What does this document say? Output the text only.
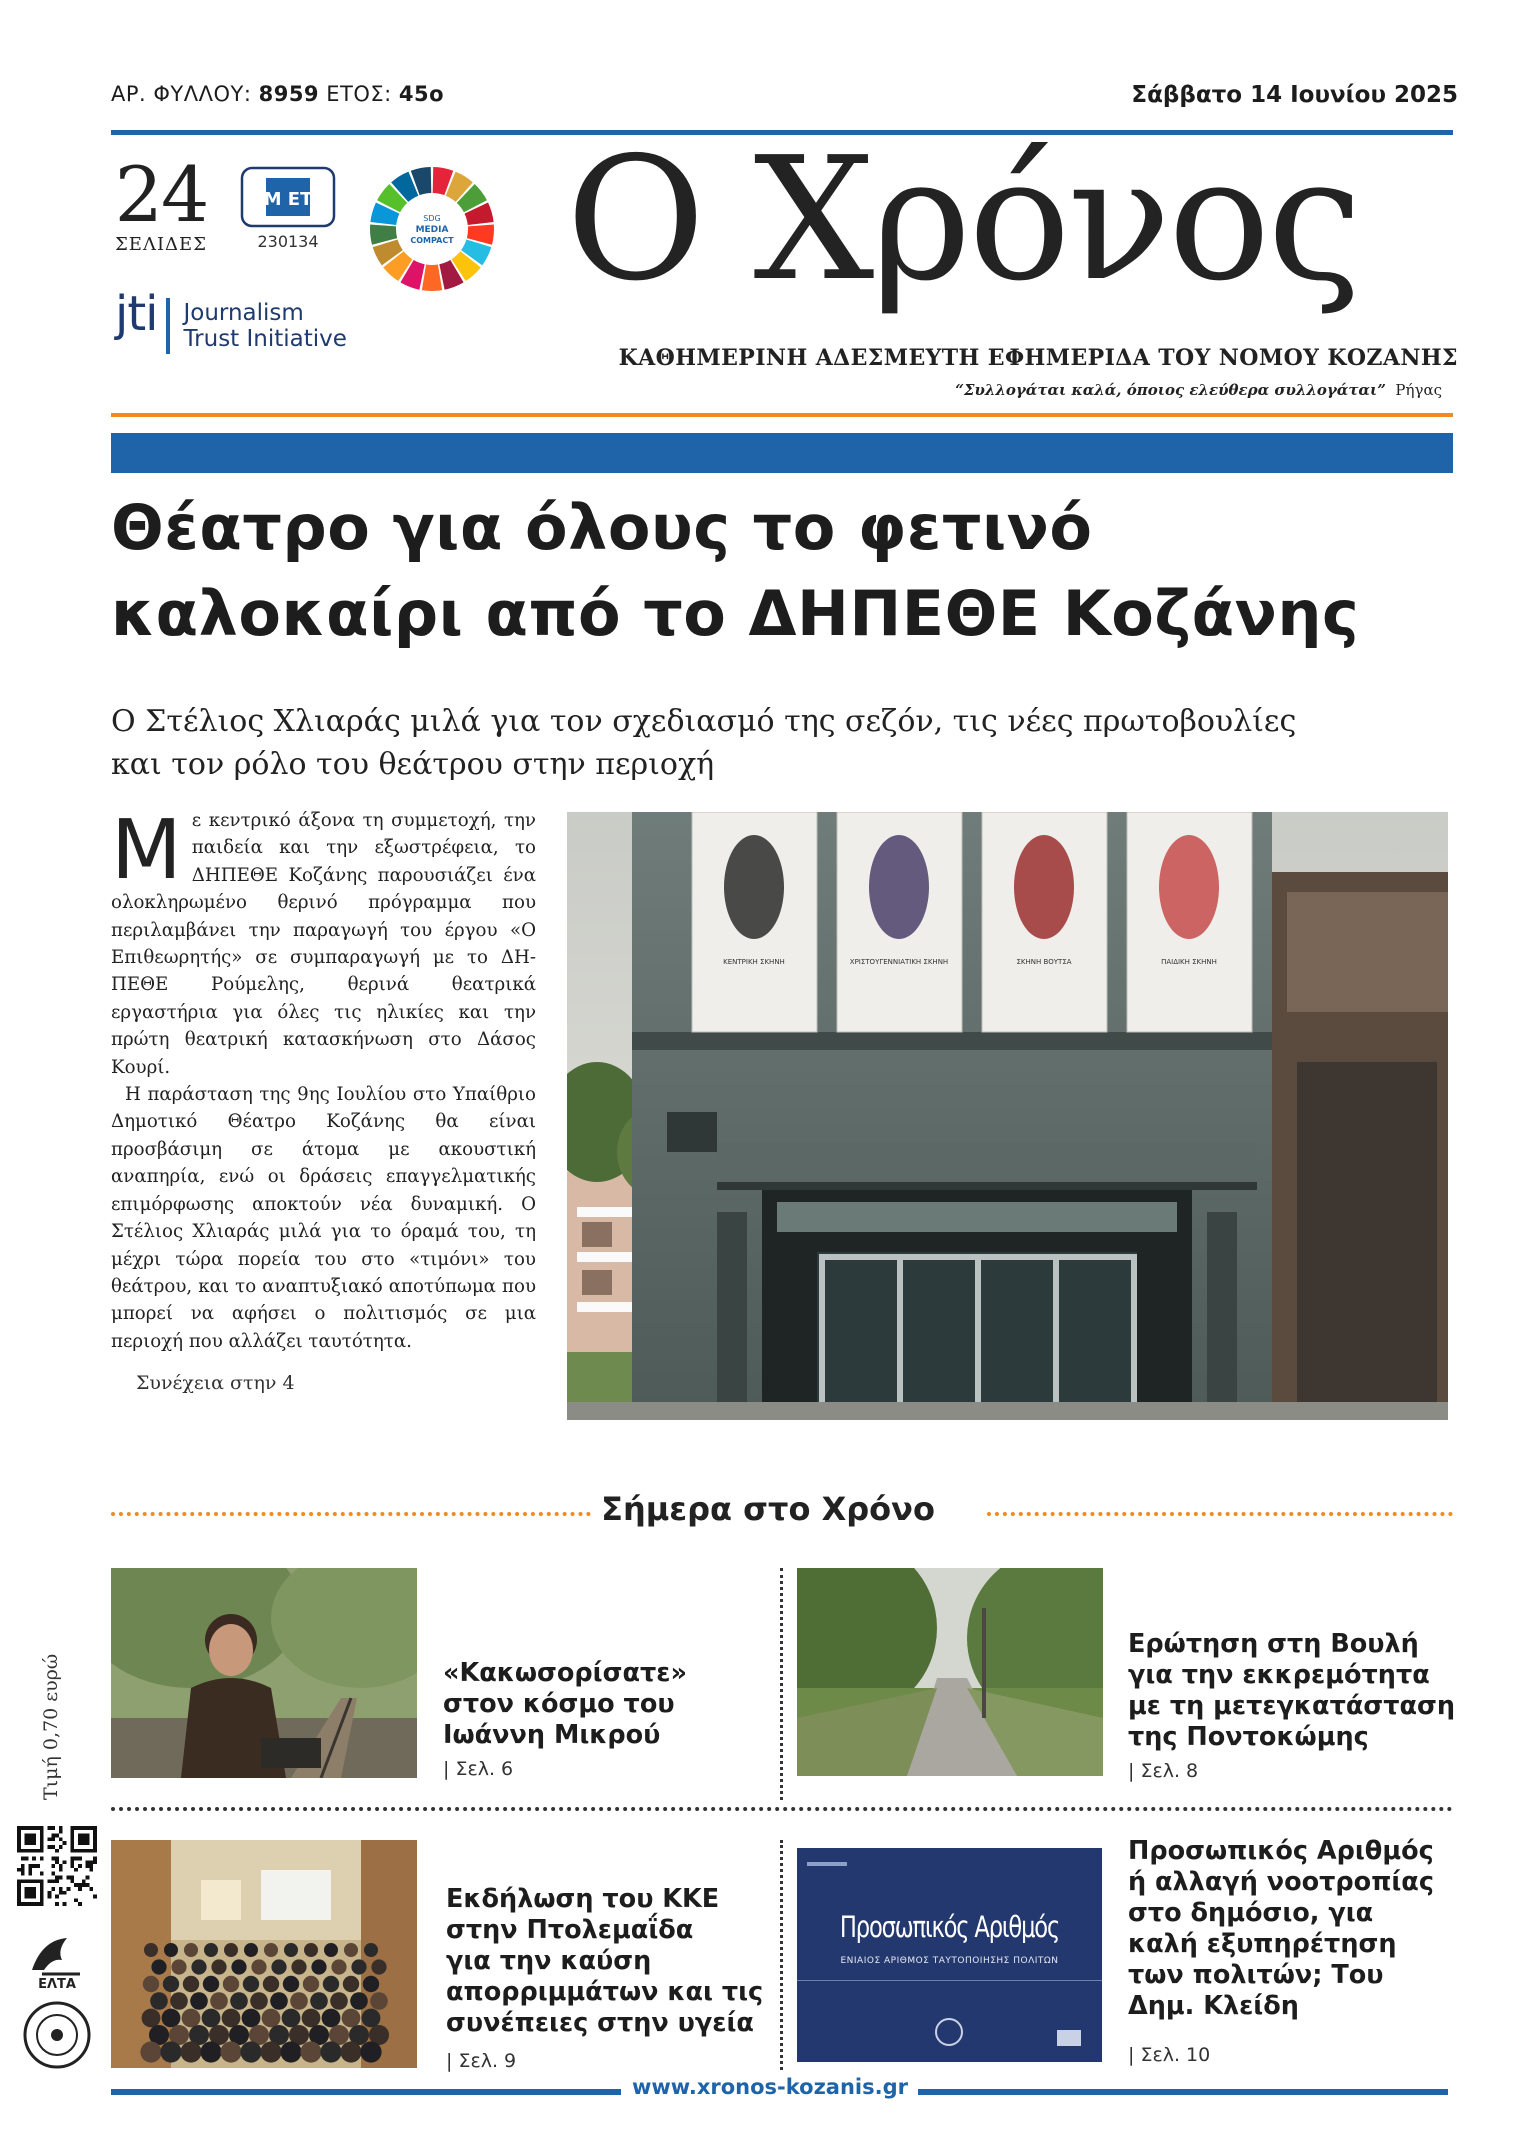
ΑΡ. ΦΥΛΛΟΥ: 8959 ΕΤΟΣ: 45ο	Σάββατο 14 Ιουνίου 2025
24
ΣΕΛΙΔΕΣ
Μ ΕΤ
230134
SDG
MEDIA
COMPACT
jti Journalism
Trust Initiative
Ο Χρόνος
ΚΑΘΗΜΕΡΙΝΗ ΑΔΕΣΜΕΥΤΗ ΕΦΗΜΕΡΙΔΑ ΤΟΥ ΝΟΜΟΥ ΚΟΖΑΝΗΣ
“Συλλογάται καλά, όποιος ελεύθερα συλλογάται” Ρήγας
Θέατρο για όλους το φετινό
καλοκαίρι από το ΔΗΠΕΘΕ Κοζάνης
Ο Στέλιος Χλιαράς μιλά για τον σχεδιασμό της σεζόν, τις νέες πρωτοβουλίες
και τον ρόλο του θεάτρου στην περιοχή

Με κεντρικό άξονα τη συμμετοχή, την παιδεία και την εξωστρέφεια, το ΔΗΠΕΘΕ Κοζάνης παρουσιάζει ένα ολοκληρωμένο θερινό πρόγραμμα που περιλαμβάνει την παραγωγή του έργου «Ο Επιθεωρητής» σε συμπαραγωγή με το ΔΗ-ΠΕΘΕ Ρούμελης, θερινά θεατρικά εργαστήρια για όλες τις ηλικίες και την πρώτη θεατρική κατασκήνωση στο Δάσος Κουρί.

Η παράσταση της 9ης Ιουλίου στο Υπαίθριο Δημοτικό Θέατρο Κοζάνης θα είναι προσβάσιμη σε άτομα με ακουστική αναπηρία, ενώ οι δράσεις επαγγελματικής επιμόρφωσης αποκτούν νέα δυναμική. Ο Στέλιος Χλιαράς μιλά για το όραμά του, τη μέχρι τώρα πορεία του στο «τιμόνι» του θεάτρου, και το αναπτυξιακό αποτύπωμα που μπορεί να αφήσει ο πολιτισμός σε μια περιοχή που αλλάζει ταυτότητα.

Συνέχεια στην 4
ΚΕΝΤΡΙΚΗ ΣΚΗΝΗ	ΧΡΙΣΤΟΥΓΕΝΝΙΑΤΙΚΗ ΣΚΗΝΗ	ΣΚΗΝΗ ΒΟΥΤΣΑ	ΠΑΙΔΙΚΗ ΣΚΗΝΗ
Σήμερα στο Χρόνο
«Κακωσορίσατε»
στον κόσμο του
Ιωάννη Μικρού
| Σελ. 6
Ερώτηση στη Βουλή
για την εκκρεμότητα
με τη μετεγκατάσταση
της Ποντοκώμης
| Σελ. 8
Εκδήλωση του ΚΚΕ
στην Πτολεμαΐδα
για την καύση
απορριμμάτων και τις
συνέπειες στην υγεία
| Σελ. 9
Προσωπικός Αριθμός
ΕΝΙΑΙΟΣ ΑΡΙΘΜΟΣ ΤΑΥΤΟΠΟΙΗΣΗΣ ΠΟΛΙΤΩΝ
Προσωπικός Αριθμός
ή αλλαγή νοοτροπίας
στο δημόσιο, για
καλή εξυπηρέτηση
των πολιτών; Του
Δημ. Κλείδη
| Σελ. 10
Τιμή 0,70 ευρώ
ΕΛΤΑ
www.xronos-kozanis.gr
